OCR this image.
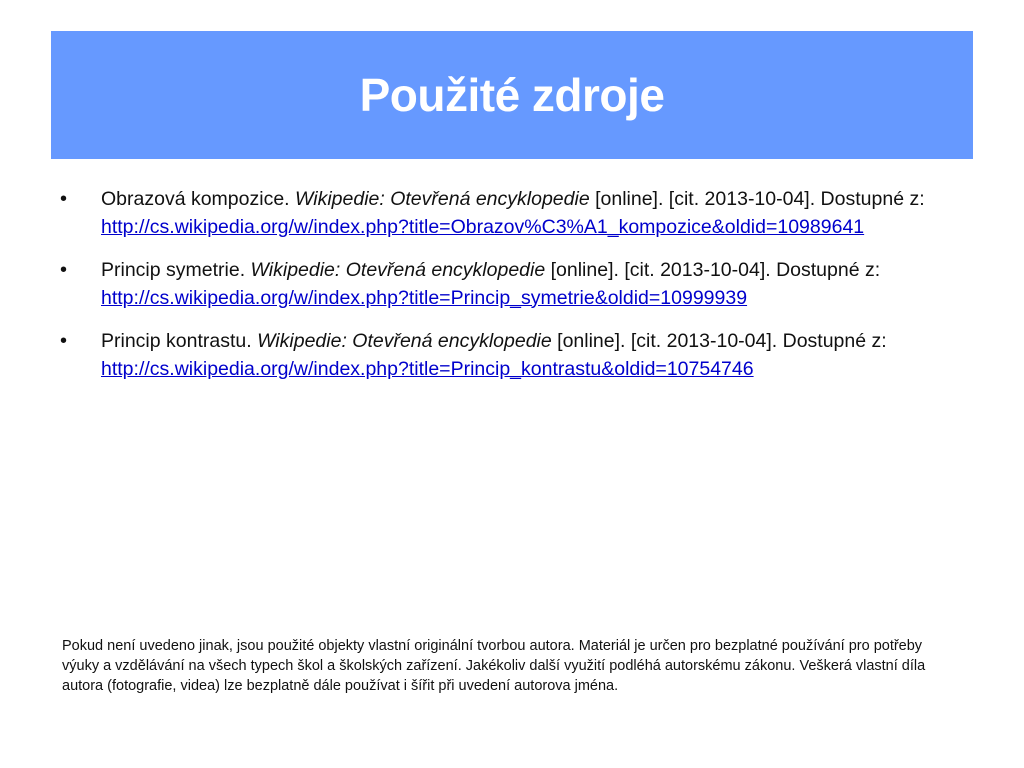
Použité zdroje
•	Obrazová kompozice. Wikipedie: Otevřená encyklopedie [online]. [cit. 2013-10-04]. Dostupné z:
http://cs.wikipedia.org/w/index.php?title=Obrazov%C3%A1_kompozice&oldid=10989641
•	Princip symetrie. Wikipedie: Otevřená encyklopedie [online]. [cit. 2013-10-04]. Dostupné z:
http://cs.wikipedia.org/w/index.php?title=Princip_symetrie&oldid=10999939
•	Princip kontrastu. Wikipedie: Otevřená encyklopedie [online]. [cit. 2013-10-04]. Dostupné z:
http://cs.wikipedia.org/w/index.php?title=Princip_kontrastu&oldid=10754746
Pokud není uvedeno jinak, jsou použité objekty vlastní originální tvorbou autora. Materiál je určen pro bezplatné používání pro potřeby výuky a vzdělávání na všech typech škol a školských zařízení. Jakékoliv další využití podléhá autorskému zákonu. Veškerá vlastní díla autora (fotografie, videa) lze bezplatně dále používat i šířit při uvedení autorova jména.
